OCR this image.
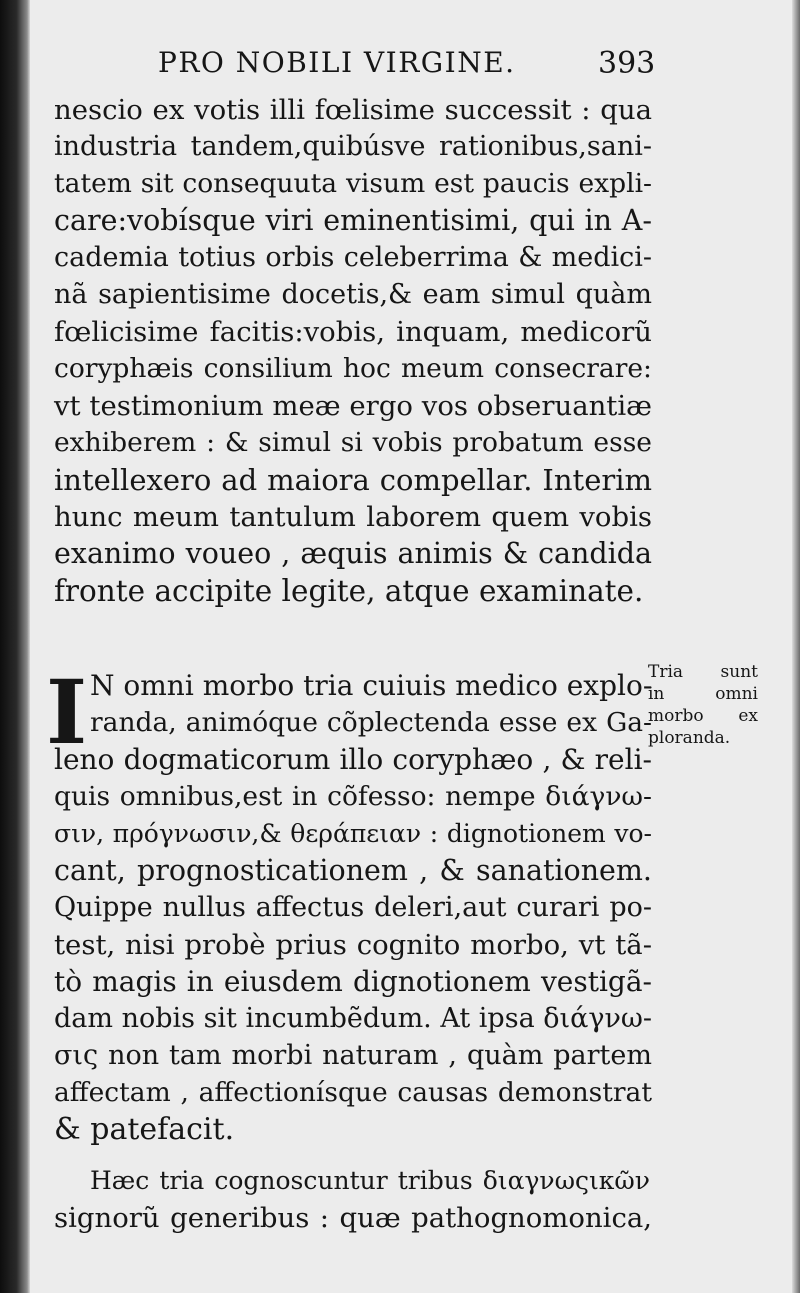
PRO NOBILI VIRGINE.	393
nescio ex votis illi fœlisime successit : qua
industria tandem,quibúsve rationibus,sani-
tatem sit consequuta visum est paucis expli-
care:vobísque viri eminentisimi, qui in A-
cademia totius orbis celeberrima & medici-
nã sapientisime docetis,& eam simul quàm
fœlicisime facitis:vobis, inquam, medicorũ
coryphæis consilium hoc meum consecrare:
vt testimonium meæ ergo vos obseruantiæ
exhiberem : & simul si vobis probatum esse
intellexero ad maiora compellar. Interim
hunc meum tantulum laborem quem vobis
exanimo voueo , æquis animis & candida
fronte accipite legite, atque examinate.
I N omni morbo tria cuiuis medico explo-
randa, animóque cõplectenda esse ex Ga-
leno dogmaticorum illo coryphæo , & reli-
quis omnibus,est in cõfesso: nempe διάγνω-
σιν, πρόγνωσιν,& θεράπειαν : dignotionem vo-
cant, prognosticationem , & sanationem.
Quippe nullus affectus deleri,aut curari po-
test, nisi probè prius cognito morbo, vt tã-
tò magis in eiusdem dignotionem vestigã-
dam nobis sit incumbẽdum. At ipsa διάγνω-
σις non tam morbi naturam , quàm partem
affectam , affectionísque causas demonstrat
& patefacit.
Hæc tria cognoscuntur tribus διαγνωςικῶν
signorũ generibus : quæ pathognomonica,
Tria sunt
in omni
morbo ex
ploranda.
